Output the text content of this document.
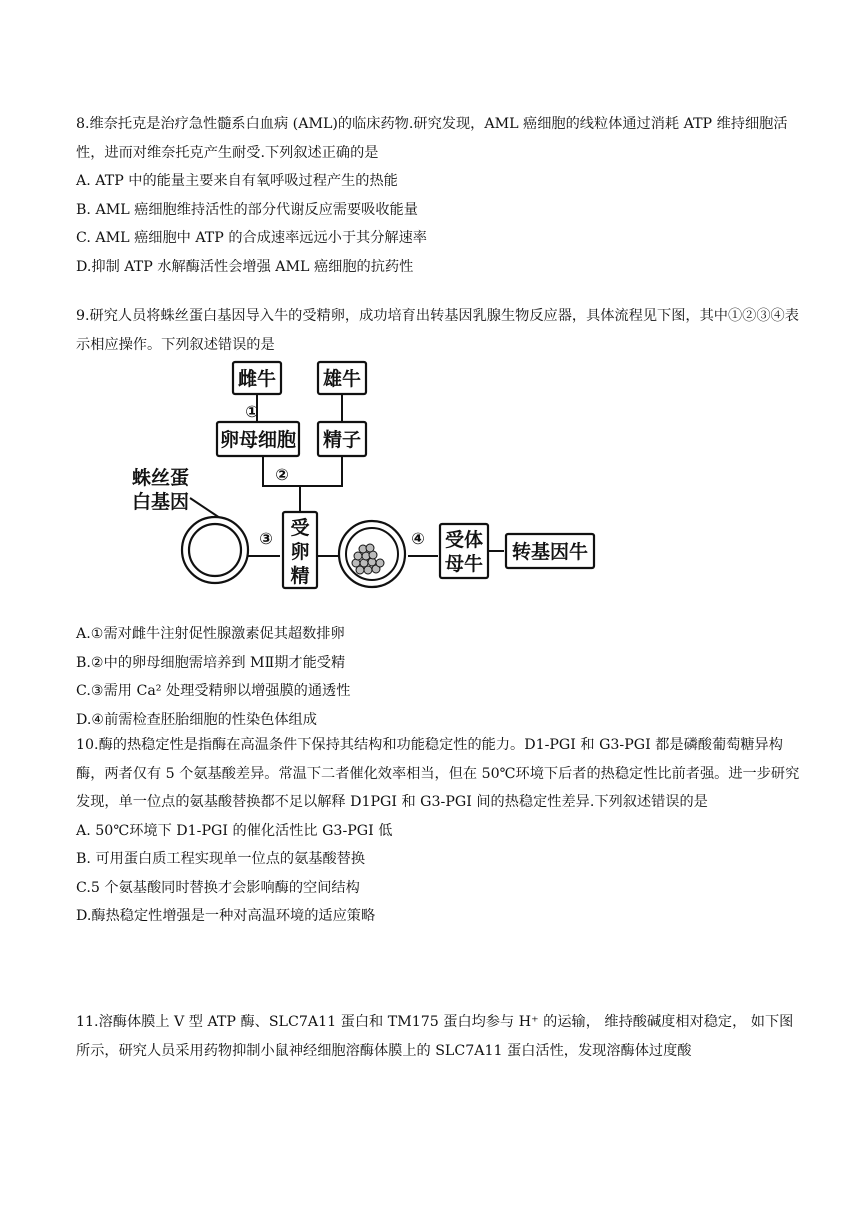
8.维奈托克是治疗急性髓系白血病 (AML)的临床药物.研究发现，AML 癌细胞的线粒体通过消耗 ATP 维持细胞活性，进而对维奈托克产生耐受.下列叙述正确的是

A. ATP 中的能量主要来自有氧呼吸过程产生的热能

B. AML 癌细胞维持活性的部分代谢反应需要吸收能量

C. AML 癌细胞中 ATP 的合成速率远远小于其分解速率

D.抑制 ATP 水解酶活性会增强 AML 癌细胞的抗药性

9.研究人员将蛛丝蛋白基因导入牛的受精卵，成功培育出转基因乳腺生物反应器，具体流程见下图，其中①②③④表示相应操作。下列叙述错误的是

雌牛 雄牛
卵母细胞 精子
受
卵
精
受体
母牛
转基因牛
蛛丝蛋
白基因
①
②
③	④

A.①需对雌牛注射促性腺激素促其超数排卵

B.②中的卵母细胞需培养到 MⅡ期才能受精

C.③需用 Ca² 处理受精卵以增强膜的通透性

D.④前需检查胚胎细胞的性染色体组成

10.酶的热稳定性是指酶在高温条件下保持其结构和功能稳定性的能力。D1-PGI 和 G3-PGI 都是磷酸葡萄糖异构酶，两者仅有 5 个氨基酸差异。常温下二者催化效率相当，但在 50℃环境下后者的热稳定性比前者强。进一步研究发现，单一位点的氨基酸替换都不足以解释 D1PGI 和 G3-PGI 间的热稳定性差异.下列叙述错误的是

A. 50℃环境下 D1-PGI 的催化活性比 G3-PGI 低

B. 可用蛋白质工程实现单一位点的氨基酸替换

C.5 个氨基酸同时替换才会影响酶的空间结构

D.酶热稳定性增强是一种对高温环境的适应策略

11.溶酶体膜上 V 型 ATP 酶、SLC7A11 蛋白和 TM175 蛋白均参与 H⁺ 的运输， 维持酸碱度相对稳定， 如下图所示，研究人员采用药物抑制小鼠神经细胞溶酶体膜上的 SLC7A11 蛋白活性，发现溶酶体过度酸
